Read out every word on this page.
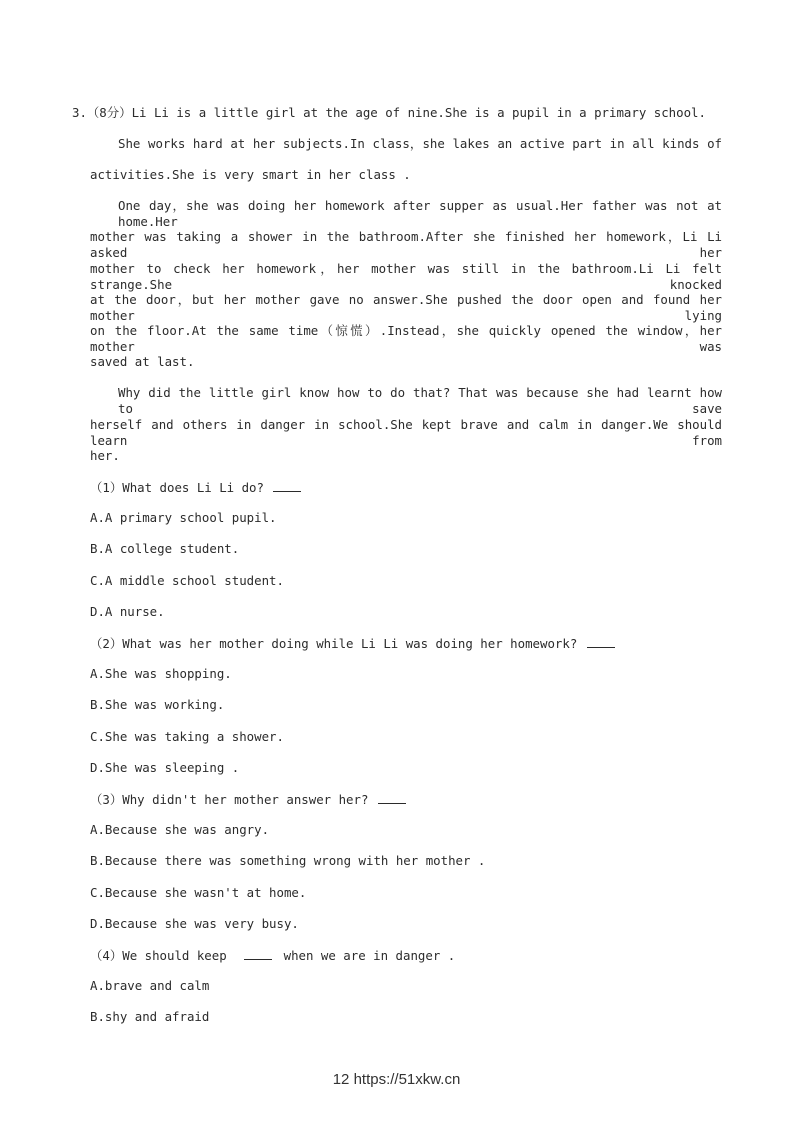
3.（8分）Li Li is a little girl at the age of nine.She is a pupil in a primary school.
She works hard at her subjects.In class，she lakes an active part in all kinds of
activities.She is very smart in her class .
One day，she was doing her homework after supper as usual.Her father was not at home.Her
mother was taking a shower in the bathroom.After she finished her homework，Li Li asked her
mother to check her homework，her mother was still in the bathroom.Li Li felt strange.She knocked
at the door，but her mother gave no answer.She pushed the door open and found her mother lying
on the floor.At the same time（惊慌）.Instead，she quickly opened the window，her mother was
saved at last.
Why did the little girl know how to do that? That was because she had learnt how to save
herself and others in danger in school.She kept brave and calm in danger.We should learn from
her.
（1）What does Li Li do?
A.A primary school pupil.
B.A college student.
C.A middle school student.
D.A nurse.
（2）What was her mother doing while Li Li was doing her homework?
A.She was shopping.
B.She was working.
C.She was taking a shower.
D.She was sleeping .
（3）Why didn't her mother answer her?
A.Because she was angry.
B.Because there was something wrong with her mother .
C.Because she wasn't at home.
D.Because she was very busy.
（4）We should keep	when we are in danger .
A.brave and calm
B.shy and afraid
12 https://51xkw.cn
